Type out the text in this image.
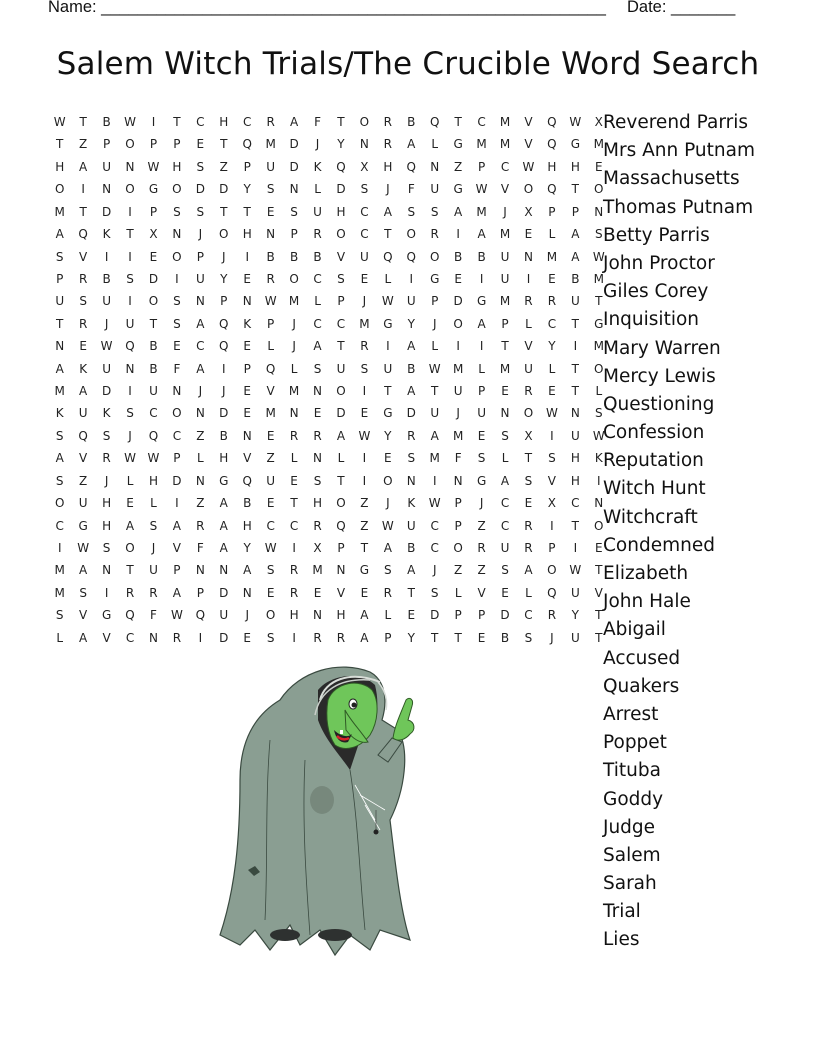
Name: _______________________________________________________ Date: _______
Salem Witch Trials/The Crucible Word Search
W	T	B	W	I	T	C	H	C	R	A	F	T	O	R	B	Q	T	C	M	V	Q	W	X
T	Z	P	O	P	P	E	T	Q	M	D	J	Y	N	R	A	L	G	M	M	V	Q	G	M
H	A	U	N	W	H	S	Z	P	U	D	K	Q	X	H	Q	N	Z	P	C	W	H	H	E
O	I	N	O	G	O	D	D	Y	S	N	L	D	S	J	F	U	G	W	V	O	Q	T	O
M	T	D	I	P	S	S	T	T	E	S	U	H	C	A	S	S	A	M	J	X	P	P	N
A	Q	K	T	X	N	J	O	H	N	P	R	O	C	T	O	R	I	A	M	E	L	A	S
S	V	I	I	E	O	P	J	I	B	B	B	V	U	Q	Q	O	B	B	U	N	M	A	W
P	R	B	S	D	I	U	Y	E	R	O	C	S	E	L	I	G	E	I	U	I	E	B	M
U	S	U	I	O	S	N	P	N	W	M	L	P	J	W	U	P	D	G	M	R	R	U	T
T	R	J	U	T	S	A	Q	K	P	J	C	C	M	G	Y	J	O	A	P	L	C	T	G
N	E	W	Q	B	E	C	Q	E	L	J	A	T	R	I	A	L	I	I	T	V	Y	I	M
A	K	U	N	B	F	A	I	P	Q	L	S	U	S	U	B	W	M	L	M	U	L	T	O
M	A	D	I	U	N	J	J	E	V	M	N	O	I	T	A	T	U	P	E	R	E	T	L
K	U	K	S	C	O	N	D	E	M	N	E	D	E	G	D	U	J	U	N	O	W	N	S
S	Q	S	J	Q	C	Z	B	N	E	R	R	A	W	Y	R	A	M	E	S	X	I	U	W
A	V	R	W W	P	L	H	V	Z	L	N	L	I	E	S	M	F	S	L	T	S	H	K
S	Z	J	L	H	D	N	G	Q	U	E	S	T	I	O	N	I	N	G	A	S	V	H	I
O	U	H	E	L	I	Z	A	B	E	T	H	O	Z	J	K	W	P	J	C	E	X	C	N
C	G	H	A	S	A	R	A	H	C	C	R	Q	Z	W	U	C	P	Z	C	R	I	T	O
I	W	S	O	J	V	F	A	Y	W	I	X	P	T	A	B	C	O	R	U	R	P	I	E
M	A	N	T	U	P	N	N	A	S	R	M	N	G	S	A	J	Z	Z	S	A	O	W	T
M	S	I	R	R	A	P	D	N	E	R	E	V	E	R	T	S	L	V	E	L	Q	U	V
S	V	G	Q	F	W	Q	U	J	O	H	N	H	A	L	E	D	P	P	D	C	R	Y	T
L	A	V	C	N	R	I	D	E	S	I	R	R	A	P	Y	T	T	E	B	S	J	U	T
Reverend Parris
Mrs Ann Putnam
Massachusetts
Thomas Putnam
Betty Parris
John Proctor
Giles Corey
Inquisition
Mary Warren
Mercy Lewis
Questioning
Confession
Reputation
Witch Hunt
Witchcraft
Condemned
Elizabeth
John Hale
Abigail
Accused
Quakers
Arrest
Poppet
Tituba
Goddy
Judge
Salem
Sarah
Trial
Lies
